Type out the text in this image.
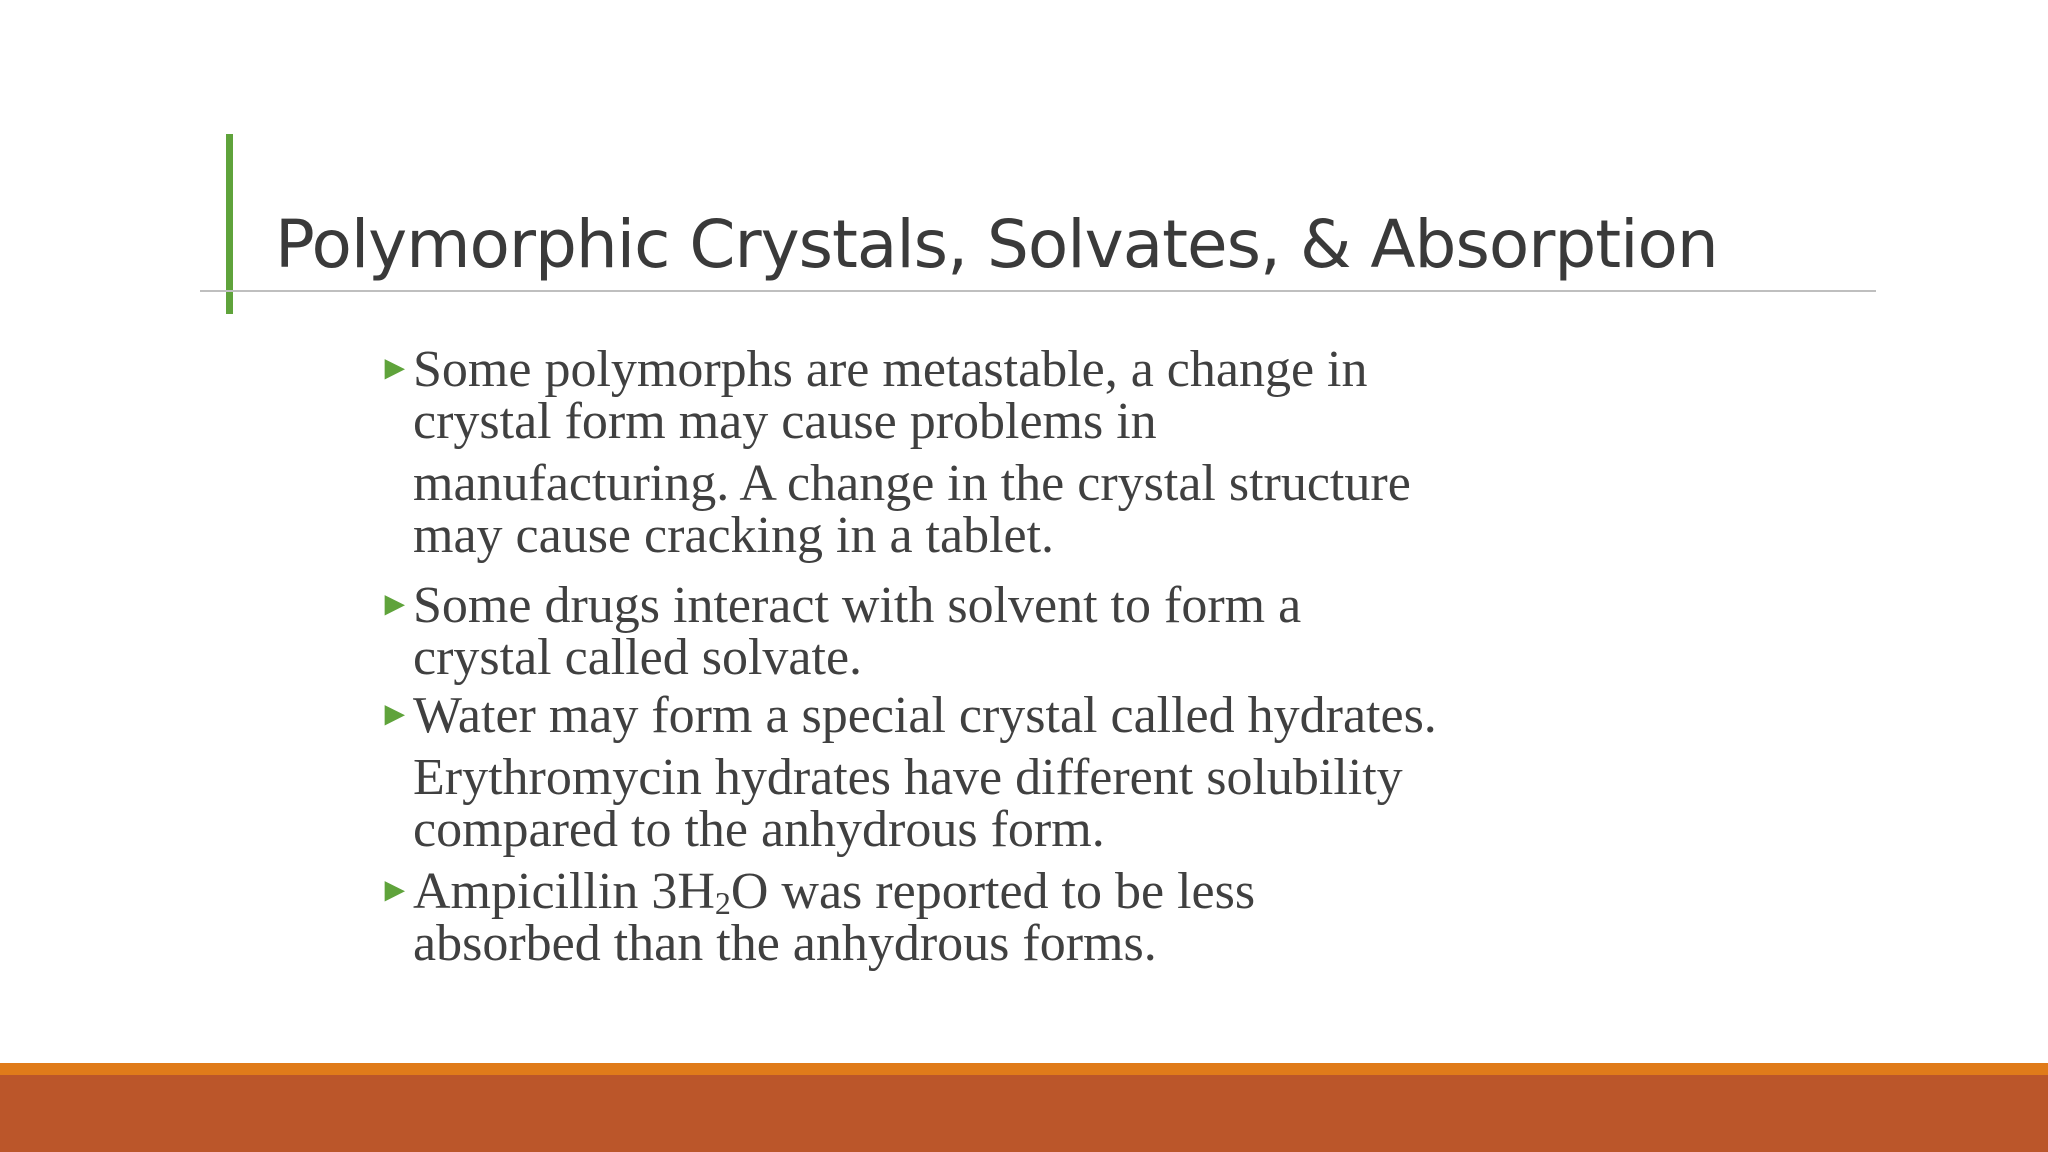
Polymorphic Crystals, Solvates, & Absorption

► Some polymorphs are metastable, a change in
crystal form may cause problems in

manufacturing. A change in the crystal structure
may cause cracking in a tablet.

► Some drugs interact with solvent to form a
crystal called solvate.

► Water may form a special crystal called hydrates.

Erythromycin hydrates have different solubility
compared to the anhydrous form.

► Ampicillin $3H_2O$ was reported to be less
absorbed than the anhydrous forms.
